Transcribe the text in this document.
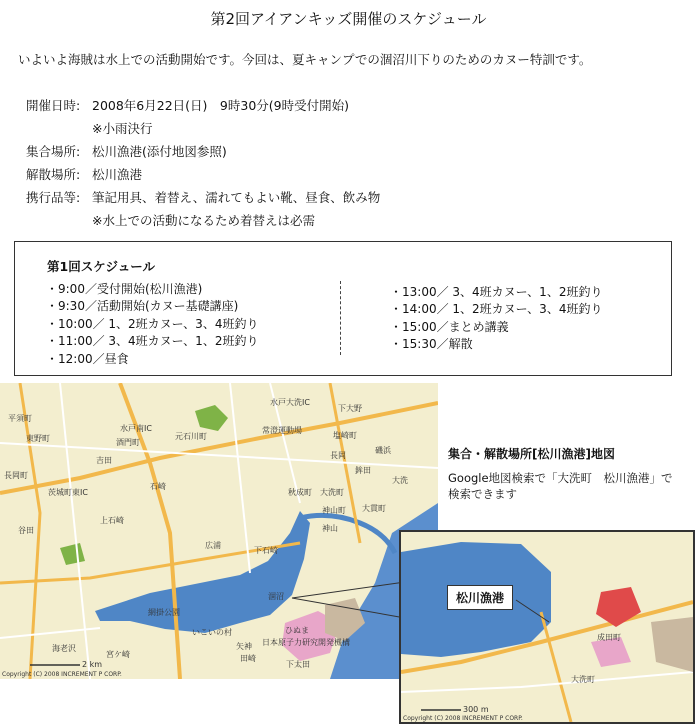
第2回アイアンキッズ開催のスケジュール
いよいよ海賊は水上での活動開始です。今回は、夏キャンプでの涸沼川下りのためのカヌー特訓です。
開催日時: 2008年6月22日(日)　9時30分(9時受付開始)
※小雨決行
集合場所: 松川漁港(添付地図参照)
解散場所: 松川漁港
携行品等: 筆記用具、着替え、濡れてもよい靴、昼食、飲み物
※水上での活動になるため着替えは必需
第1回スケジュール
・9:00／受付開始(松川漁港)
・9:30／活動開始(カヌー基礎講座)
・10:00／ 1、2班カヌー、3、4班釣り
・11:00／ 3、4班カヌー、1、2班釣り
・12:00／昼食
・13:00／ 3、4班カヌー、1、2班釣り
・14:00／ 1、2班カヌー、3、4班釣り
・15:00／まとめ講義
・15:30／解散
水戸大洗IC
水戸南IC
下大野
平須町
東野町	酒門町
元石川町
吉田
常澄運動場
塩崎町
長岡町
茨城町東IC
石崎
大洗町
広浦
涸沼
網掛公園
いこいの村	ひぬま
矢神 日本原子力研究開発機構
上石崎
下石崎
宮ケ崎
海老沢
下太田
田崎
秋成町
鉾田
大貫町
磯浜
神山町
神山
長岡
谷田
大洗
2 km
Copyright (C) 2008 INCREMENT P CORP.
成田町
大洗町
300 m
Copyright (C) 2008 INCREMENT P CORP.
松川漁港
集合・解散場所[松川漁港]地図
Google地図検索で「大洗町　松川漁港」で
検索できます
